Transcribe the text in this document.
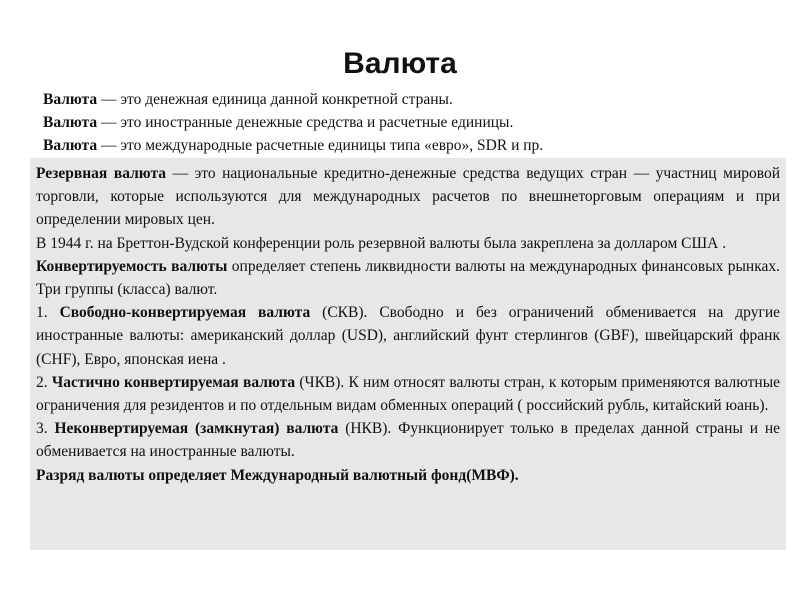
Валюта

Валюта — это денежная единица данной конкретной страны.

Валюта — это иностранные денежные средства и расчетные единицы.

Валюта — это международные расчетные единицы типа «евро», SDR и пр.

Резервная валюта — это национальные кредитно-денежные средства ведущих стран — участниц мировой торговли, которые используются для международных расчетов по внешнеторговым операциям и при определении мировых цен.

В 1944 г. на Бреттон-Вудской конференции роль резервной валюты была закреплена за долларом США .

Конвертируемость валюты определяет степень ликвидности валюты на международных финансовых рынках. Три группы (класса) валют.

1. Свободно-конвертируемая валюта (СКВ). Свободно и без ограничений обменивается на другие иностранные валюты: американский доллар (USD), английский фунт стерлингов (GBF), швейцарский франк (CHF), Евро, японская иена .

2. Частично конвертируемая валюта (ЧКВ). К ним относят валюты стран, к которым применяются валютные ограничения для резидентов и по отдельным видам обменных операций ( российский рубль, китайский юань).

3. Неконвертируемая (замкнутая) валюта (НКВ). Функционирует только в пределах данной страны и не обменивается на иностранные валюты.

Разряд валюты определяет Международный валютный фонд(МВФ).
